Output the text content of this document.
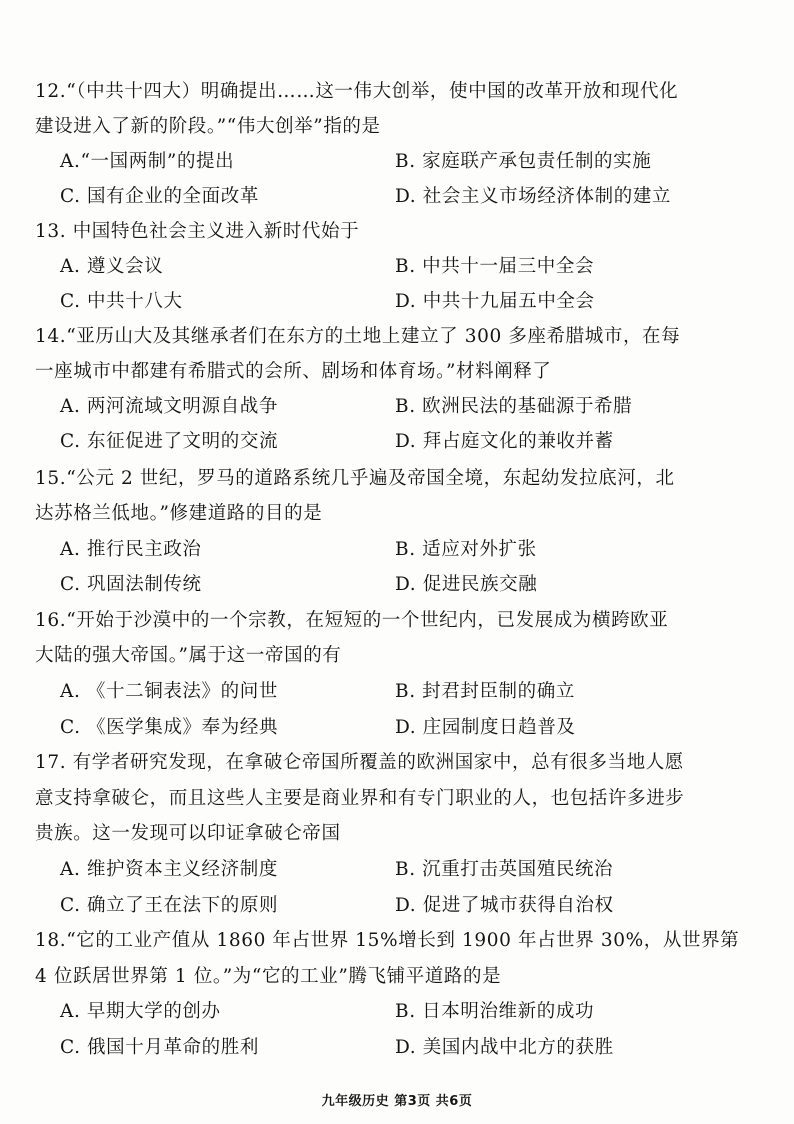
12.“（中共十四大）明确提出……这一伟大创举，使中国的改革开放和现代化
建设进入了新的阶段。”“伟大创举”指的是
A.“一国两制”的提出	B. 家庭联产承包责任制的实施
C. 国有企业的全面改革	D. 社会主义市场经济体制的建立
13. 中国特色社会主义进入新时代始于
A. 遵义会议	B. 中共十一届三中全会
C. 中共十八大	D. 中共十九届五中全会
14.“亚历山大及其继承者们在东方的土地上建立了 300 多座希腊城市，在每
一座城市中都建有希腊式的会所、剧场和体育场。”材料阐释了
A. 两河流域文明源自战争	B. 欧洲民法的基础源于希腊
C. 东征促进了文明的交流	D. 拜占庭文化的兼收并蓄
15.“公元 2 世纪，罗马的道路系统几乎遍及帝国全境，东起幼发拉底河，北
达苏格兰低地。”修建道路的目的是
A. 推行民主政治	B. 适应对外扩张
C. 巩固法制传统	D. 促进民族交融
16.“开始于沙漠中的一个宗教，在短短的一个世纪内，已发展成为横跨欧亚
大陆的强大帝国。”属于这一帝国的有
A. 《十二铜表法》的问世	B. 封君封臣制的确立
C. 《医学集成》奉为经典	D. 庄园制度日趋普及
17. 有学者研究发现，在拿破仑帝国所覆盖的欧洲国家中，总有很多当地人愿
意支持拿破仑，而且这些人主要是商业界和有专门职业的人，也包括许多进步
贵族。这一发现可以印证拿破仑帝国
A. 维护资本主义经济制度	B. 沉重打击英国殖民统治
C. 确立了王在法下的原则	D. 促进了城市获得自治权
18.“它的工业产值从 1860 年占世界 15%增长到 1900 年占世界 30%，从世界第
4 位跃居世界第 1 位。”为“它的工业”腾飞铺平道路的是
A. 早期大学的创办	B. 日本明治维新的成功
C. 俄国十月革命的胜利	D. 美国内战中北方的获胜
九年级历史 第3页 共6页
